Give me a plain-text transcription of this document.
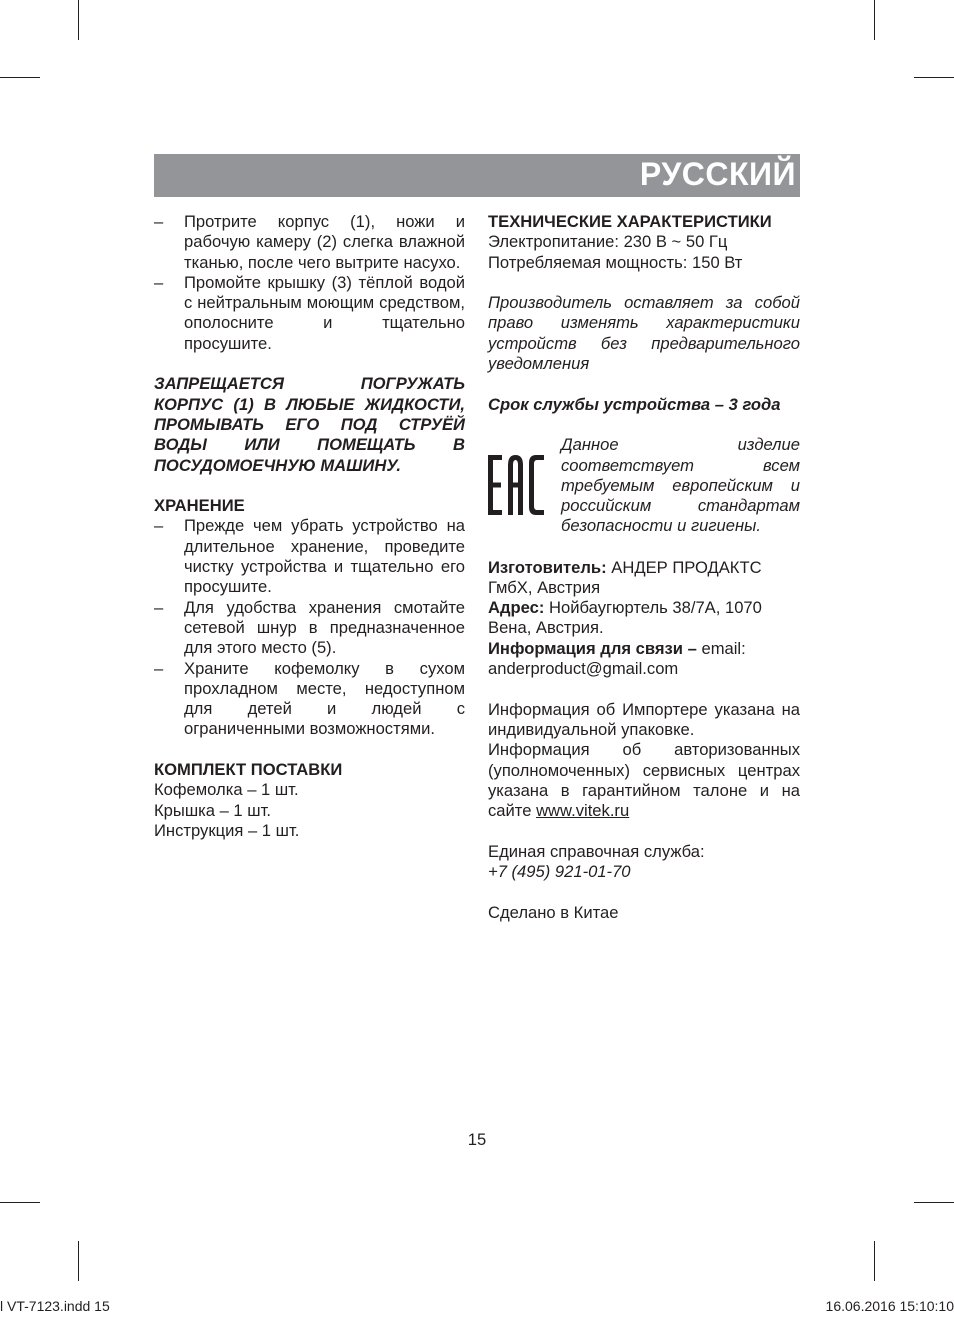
РУССКИЙ
– Протрите корпус (1), ножи и рабочую камеру (2) слегка влажной тканью, после чего вытрите насухо.
– Промойте крышку (3) тёплой водой с нейтральным моющим средством, ополосните и тщательно просушите.

ЗАПРЕЩАЕТСЯ ПОГРУЖАТЬ КОРПУС (1) В ЛЮБЫЕ ЖИДКОСТИ, ПРОМЫВАТЬ ЕГО ПОД СТРУЁЙ ВОДЫ ИЛИ ПОМЕЩАТЬ В ПОСУДОМОЕЧНУЮ МАШИНУ.

ХРАНЕНИЕ

– Прежде чем убрать устройство на длительное хранение, проведите чистку устройства и тщательно его просушите.
– Для удобства хранения смотайте сетевой шнур в предназначенное для этого место (5).
– Храните кофемолку в сухом прохладном месте, недоступном для детей и людей с ограниченными возможностями.

КОМПЛЕКТ ПОСТАВКИ

Кофемолка – 1 шт.

Крышка – 1 шт.

Инструкция – 1 шт.

ТЕХНИЧЕСКИЕ ХАРАКТЕРИСТИКИ

Электропитание: 230 В ~ 50 Гц

Потребляемая мощность: 150 Вт

Производитель оставляет за собой право изменять характеристики устройств без предварительного уведомления

Срок службы устройства – 3 года

Данное изделие соответствует всем требуемым европейским и российским стандартам безопасности и гигиены.

Изготовитель: АНДЕР ПРОДАКТС ГмбХ, Австрия

Адрес: Нойбаугюртель 38/7А, 1070 Вена, Австрия.

Информация для связи – email: anderproduct@gmail.com

Информация об Импортере указана на индивидуальной упаковке.

Информация об авторизованных (уполномоченных) сервисных центрах указана в гарантийном талоне и на сайте www.vitek.ru

Единая справочная служба:

+7 (495) 921-01-70

Сделано в Китае

15
l VT-7123.indd 15	16.06.2016 15:10:10
